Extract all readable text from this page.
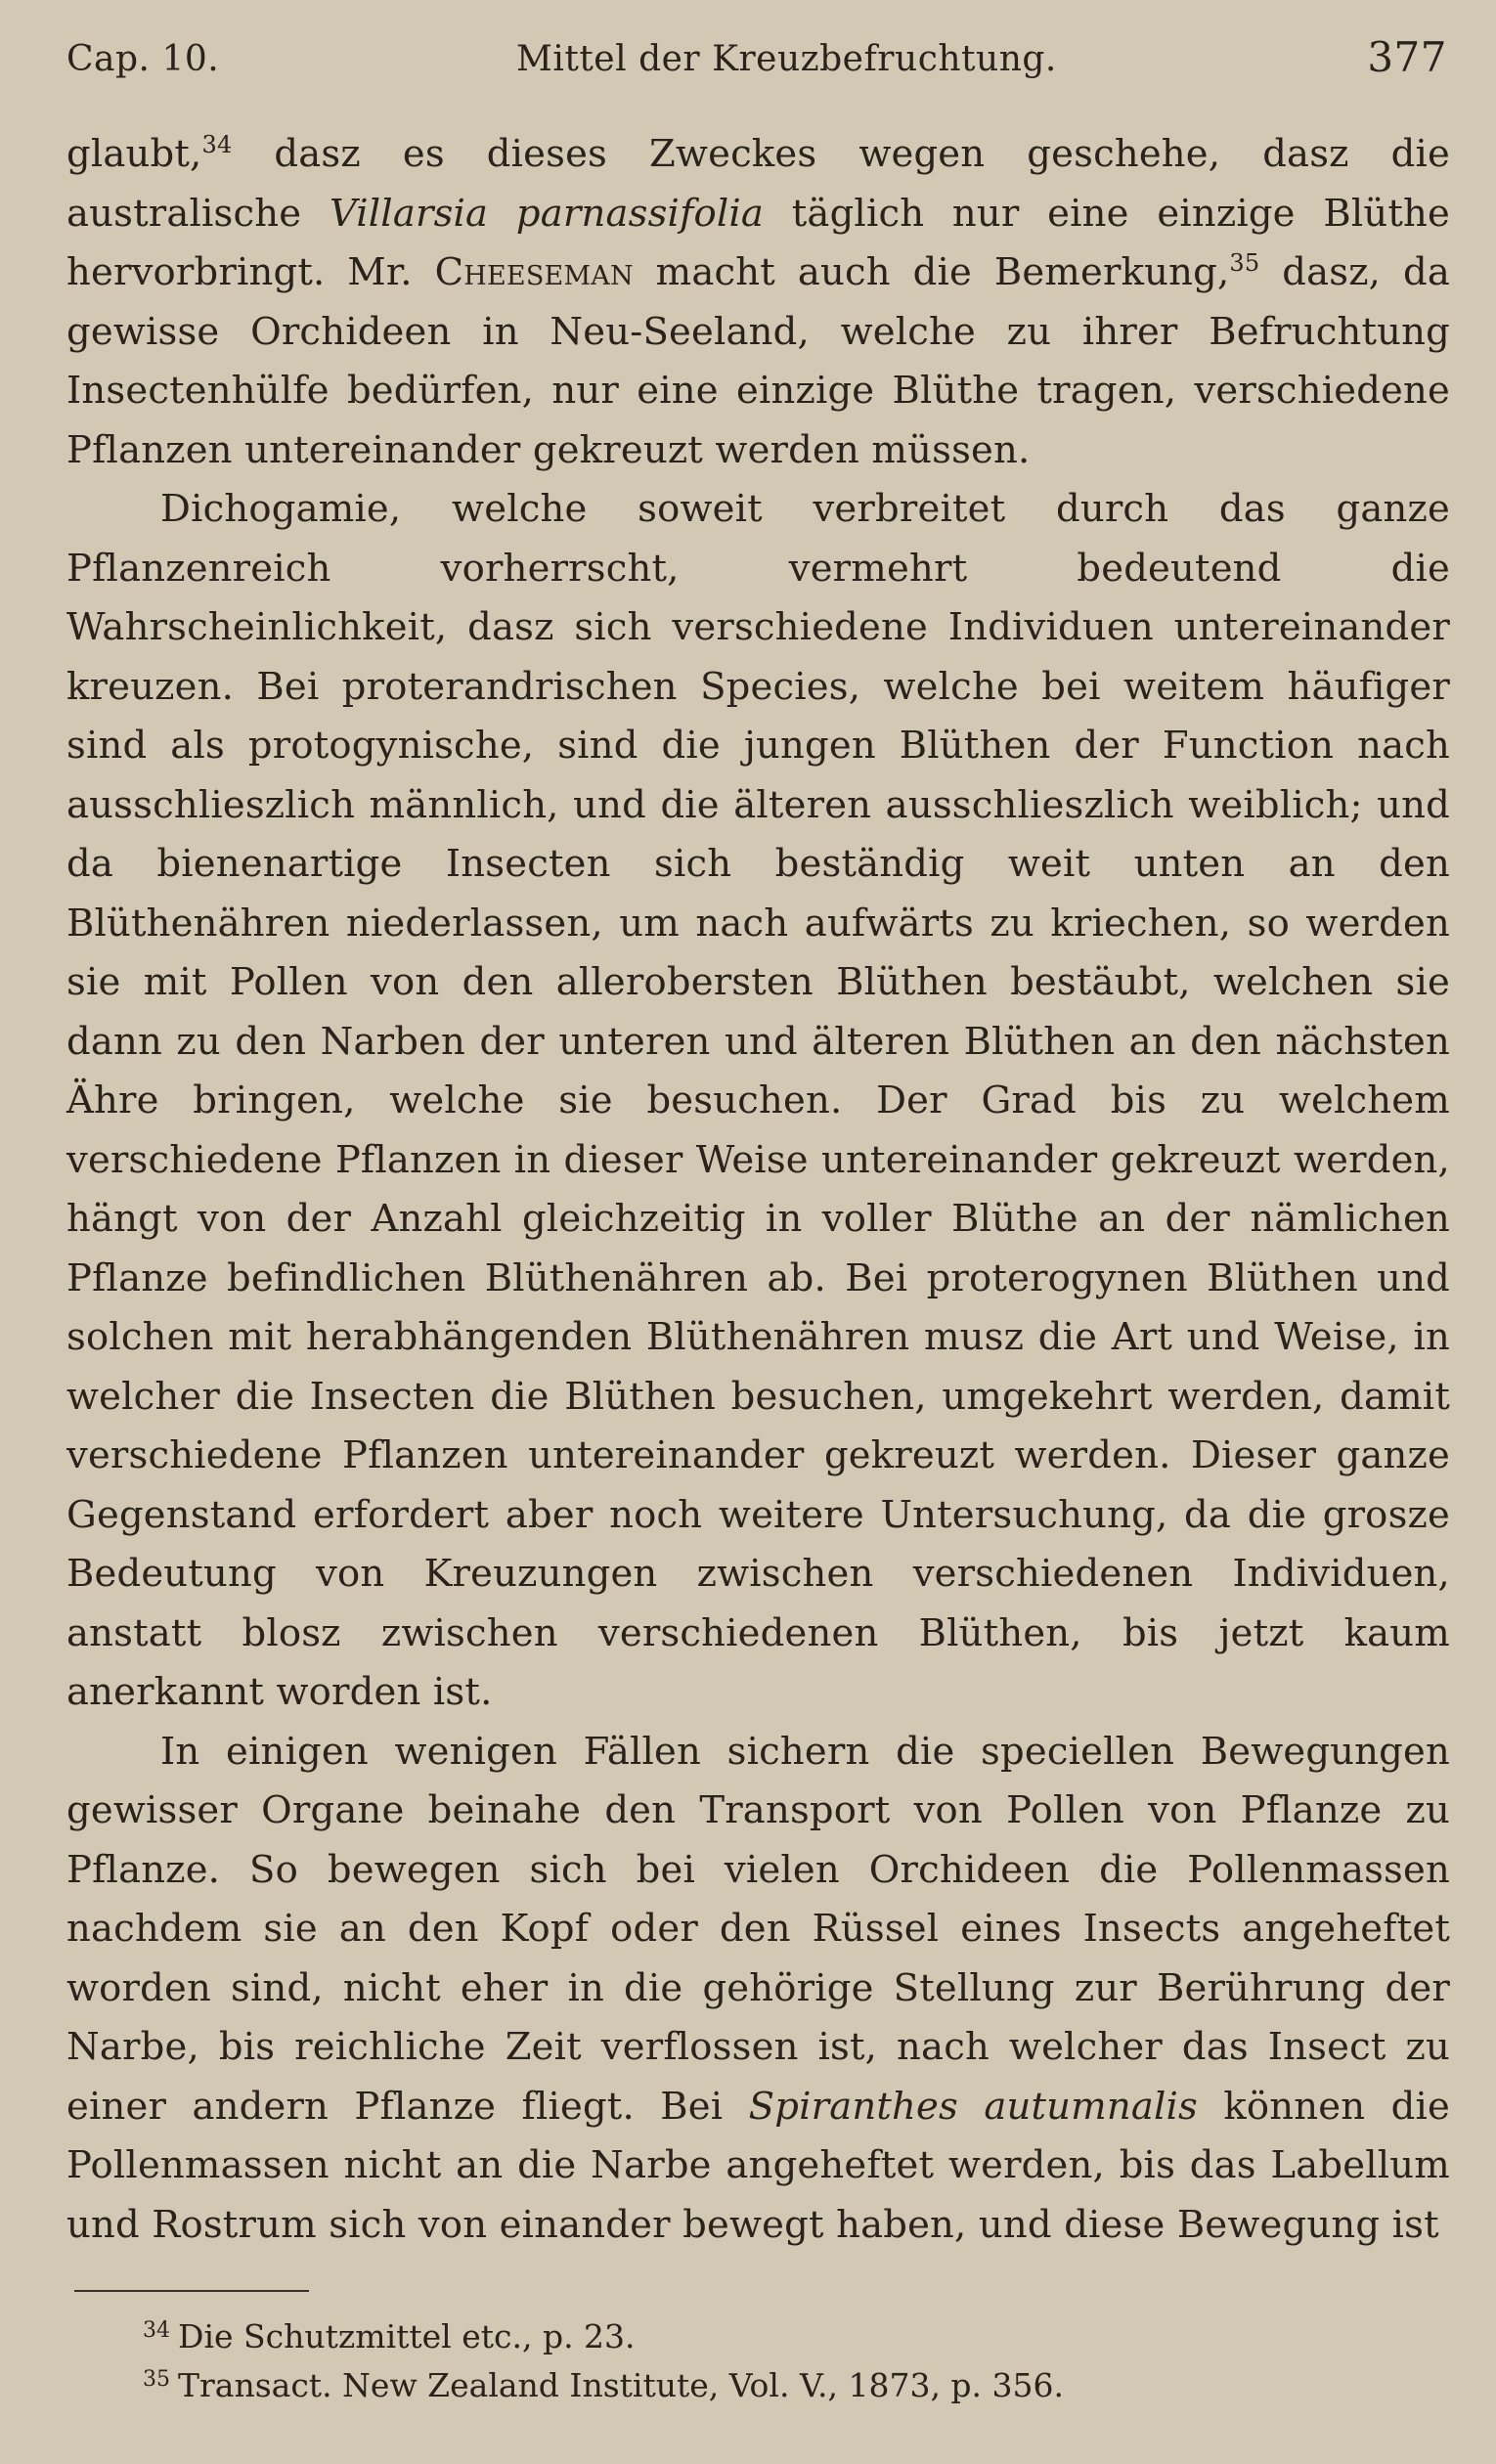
Cap. 10.	Mittel der Kreuzbefruchtung.	377

glaubt,$^{34}$ dasz es dieses Zweckes wegen geschehe, dasz die australische Villarsia parnassifolia täglich nur eine einzige Blüthe hervorbringt. Mr. Cheeseman macht auch die Bemerkung,$^{35}$ dasz, da gewisse Orchideen in Neu-Seeland, welche zu ihrer Befruchtung Insectenhülfe bedürfen, nur eine einzige Blüthe tragen, verschiedene Pflanzen untereinander gekreuzt werden müssen.

Dichogamie, welche soweit verbreitet durch das ganze Pflanzenreich vorherrscht, vermehrt bedeutend die Wahrscheinlichkeit, dasz sich verschiedene Individuen untereinander kreuzen. Bei proterandrischen Species, welche bei weitem häufiger sind als protogynische, sind die jungen Blüthen der Function nach ausschlieszlich männlich, und die älteren ausschlieszlich weiblich; und da bienenartige Insecten sich beständig weit unten an den Blüthenähren niederlassen, um nach aufwärts zu kriechen, so werden sie mit Pollen von den allerobersten Blüthen bestäubt, welchen sie dann zu den Narben der unteren und älteren Blüthen an den nächsten Ähre bringen, welche sie besuchen. Der Grad bis zu welchem verschiedene Pflanzen in dieser Weise untereinander gekreuzt werden, hängt von der Anzahl gleichzeitig in voller Blüthe an der nämlichen Pflanze befindlichen Blüthenähren ab. Bei proterogynen Blüthen und solchen mit herabhängenden Blüthenähren musz die Art und Weise, in welcher die Insecten die Blüthen besuchen, umgekehrt werden, damit verschiedene Pflanzen untereinander gekreuzt werden. Dieser ganze Gegenstand erfordert aber noch weitere Untersuchung, da die grosze Bedeutung von Kreuzungen zwischen verschiedenen Individuen, anstatt blosz zwischen verschiedenen Blüthen, bis jetzt kaum anerkannt worden ist.

In einigen wenigen Fällen sichern die speciellen Bewegungen gewisser Organe beinahe den Transport von Pollen von Pflanze zu Pflanze. So bewegen sich bei vielen Orchideen die Pollenmassen nachdem sie an den Kopf oder den Rüssel eines Insects angeheftet worden sind, nicht eher in die gehörige Stellung zur Berührung der Narbe, bis reichliche Zeit verflossen ist, nach welcher das Insect zu einer andern Pflanze fliegt. Bei Spiranthes autumnalis können die Pollenmassen nicht an die Narbe angeheftet werden, bis das Labellum und Rostrum sich von einander bewegt haben, und diese Bewegung ist

$^{34}$ Die Schutzmittel etc., p. 23.

$^{35}$ Transact. New Zealand Institute, Vol. V., 1873, p. 356.
